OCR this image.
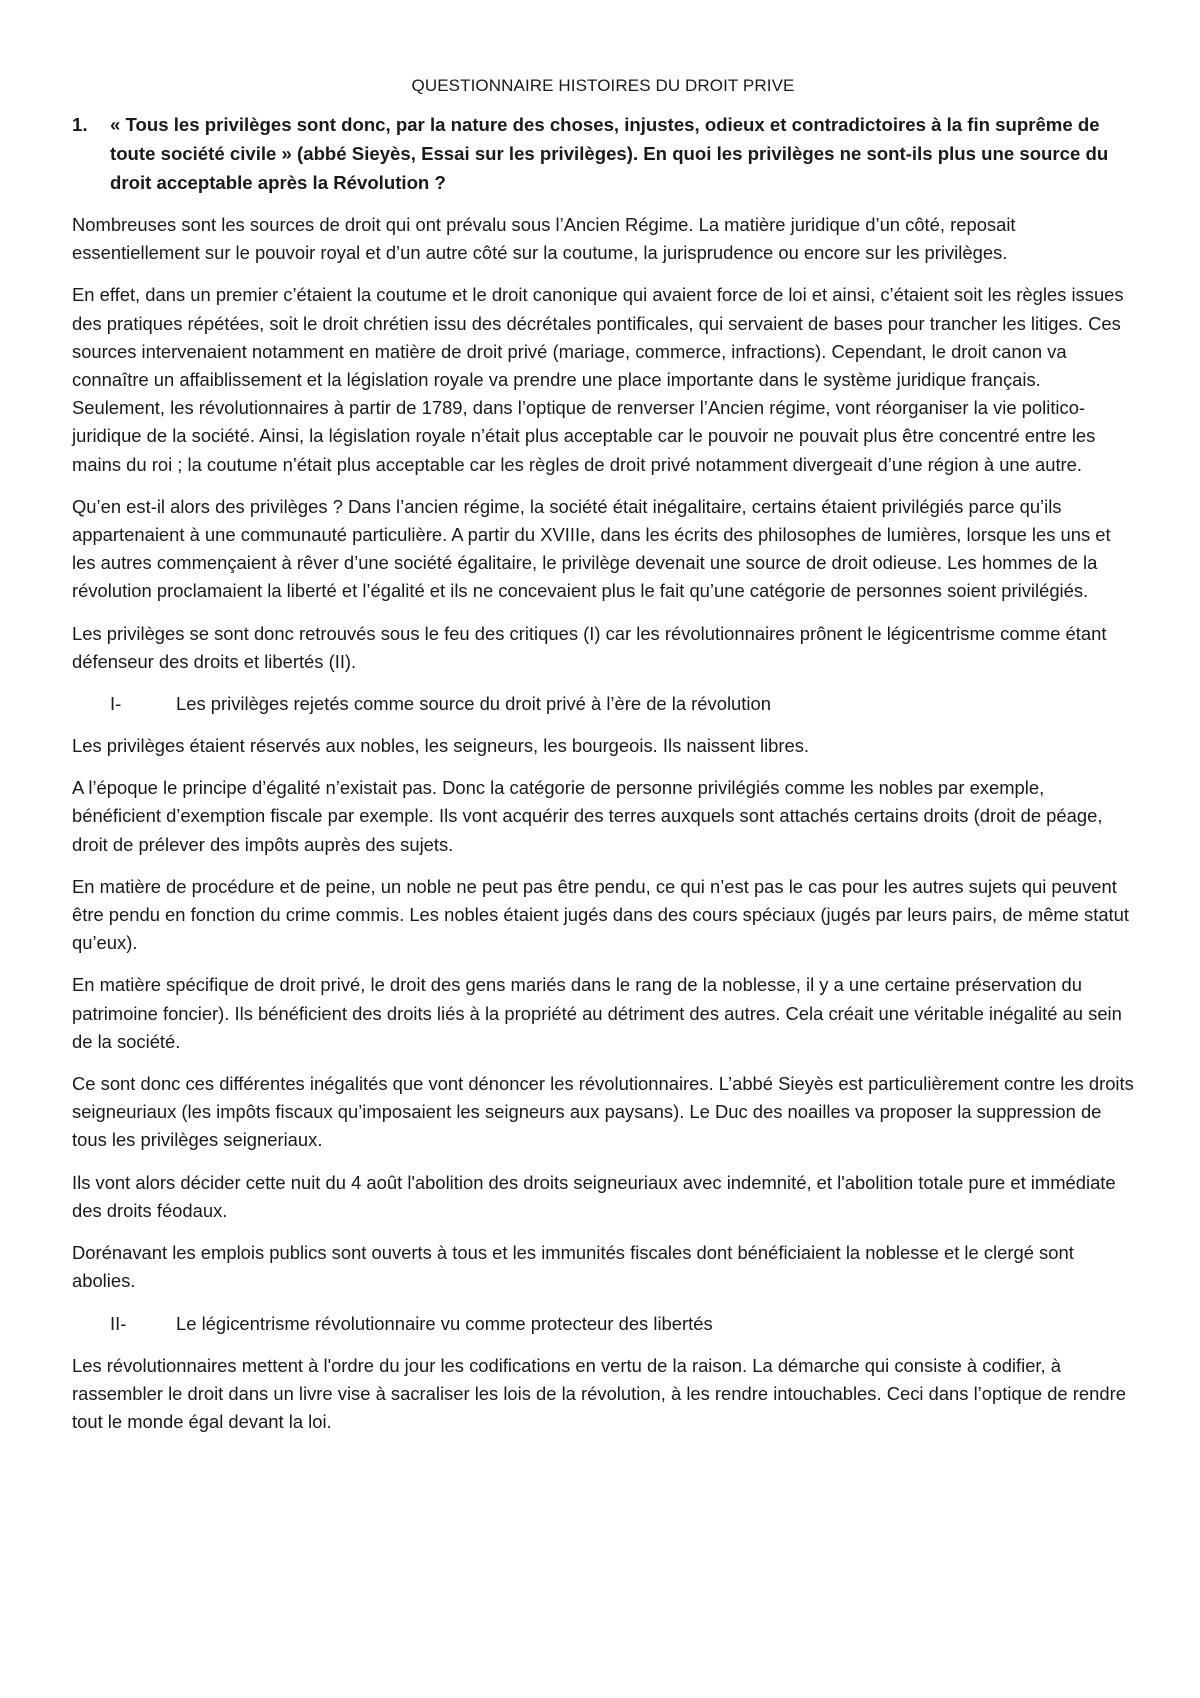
QUESTIONNAIRE HISTOIRES DU DROIT PRIVE
1.	« Tous les privilèges sont donc, par la nature des choses, injustes, odieux et contradictoires à la fin suprême de toute société civile » (abbé Sieyès, Essai sur les privilèges). En quoi les privilèges ne sont-ils plus une source du droit acceptable après la Révolution ?

Nombreuses sont les sources de droit qui ont prévalu sous l’Ancien Régime. La matière juridique d’un côté, reposait essentiellement sur le pouvoir royal et d’un autre côté sur la coutume, la jurisprudence ou encore sur les privilèges.

En effet, dans un premier c’étaient la coutume et le droit canonique qui avaient force de loi et ainsi, c’étaient soit les règles issues des pratiques répétées, soit le droit chrétien issu des décrétales pontificales, qui servaient de bases pour trancher les litiges. Ces sources intervenaient notamment en matière de droit privé (mariage, commerce, infractions). Cependant, le droit canon va connaître un affaiblissement et la législation royale va prendre une place importante dans le système juridique français. Seulement, les révolutionnaires à partir de 1789, dans l’optique de renverser l’Ancien régime, vont réorganiser la vie politico-juridique de la société. Ainsi, la législation royale n’était plus acceptable car le pouvoir ne pouvait plus être concentré entre les mains du roi ; la coutume n’était plus acceptable car les règles de droit privé notamment divergeait d’une région à une autre.

Qu’en est-il alors des privilèges ? Dans l’ancien régime, la société était inégalitaire, certains étaient privilégiés parce qu’ils appartenaient à une communauté particulière. A partir du XVIIIe, dans les écrits des philosophes de lumières, lorsque les uns et les autres commençaient à rêver d’une société égalitaire, le privilège devenait une source de droit odieuse. Les hommes de la révolution proclamaient la liberté et l’égalité et ils ne concevaient plus le fait qu’une catégorie de personnes soient privilégiés.

Les privilèges se sont donc retrouvés sous le feu des critiques (I) car les révolutionnaires prônent le légicentrisme comme étant défenseur des droits et libertés (II).

I-	Les privilèges rejetés comme source du droit privé à l’ère de la révolution

Les privilèges étaient réservés aux nobles, les seigneurs, les bourgeois. Ils naissent libres.

A l’époque le principe d’égalité n’existait pas. Donc la catégorie de personne privilégiés comme les nobles par exemple, bénéficient d’exemption fiscale par exemple. Ils vont acquérir des terres auxquels sont attachés certains droits (droit de péage, droit de prélever des impôts auprès des sujets.

En matière de procédure et de peine, un noble ne peut pas être pendu, ce qui n’est pas le cas pour les autres sujets qui peuvent être pendu en fonction du crime commis. Les nobles étaient jugés dans des cours spéciaux (jugés par leurs pairs, de même statut qu’eux).

En matière spécifique de droit privé, le droit des gens mariés dans le rang de la noblesse, il y a une certaine préservation du patrimoine foncier). Ils bénéficient des droits liés à la propriété au détriment des autres. Cela créait une véritable inégalité au sein de la société.

Ce sont donc ces différentes inégalités que vont dénoncer les révolutionnaires. L’abbé Sieyès est particulièrement contre les droits seigneuriaux (les impôts fiscaux qu’imposaient les seigneurs aux paysans). Le Duc des noailles va proposer la suppression de tous les privilèges seigneriaux.

Ils vont alors décider cette nuit du 4 août l'abolition des droits seigneuriaux avec indemnité, et l'abolition totale pure et immédiate des droits féodaux.

Dorénavant les emplois publics sont ouverts à tous et les immunités fiscales dont bénéficiaient la noblesse et le clergé sont abolies.

II-	Le légicentrisme révolutionnaire vu comme protecteur des libertés

Les révolutionnaires mettent à l'ordre du jour les codifications en vertu de la raison. La démarche qui consiste à codifier, à rassembler le droit dans un livre vise à sacraliser les lois de la révolution, à les rendre intouchables. Ceci dans l’optique de rendre tout le monde égal devant la loi.
